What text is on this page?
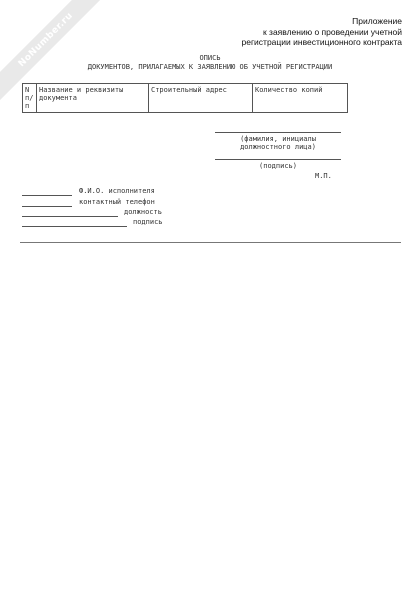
NoNumber.ru	Приложение
к заявлению о проведении учетной
регистрации инвестиционного контракта
ОПИСЬ
ДОКУМЕНТОВ, ПРИЛАГАЕМЫХ К ЗАЯВЛЕНИЮ ОБ УЧЕТНОЙ РЕГИСТРАЦИИ
N
п/п
	Название и реквизиты документа	Строительный адрес	Количество копий
(фамилия, инициалы
должностного лица)
(подпись)
М.П.
Ф.И.О. исполнителя
контактный телефон
должность
подпись
